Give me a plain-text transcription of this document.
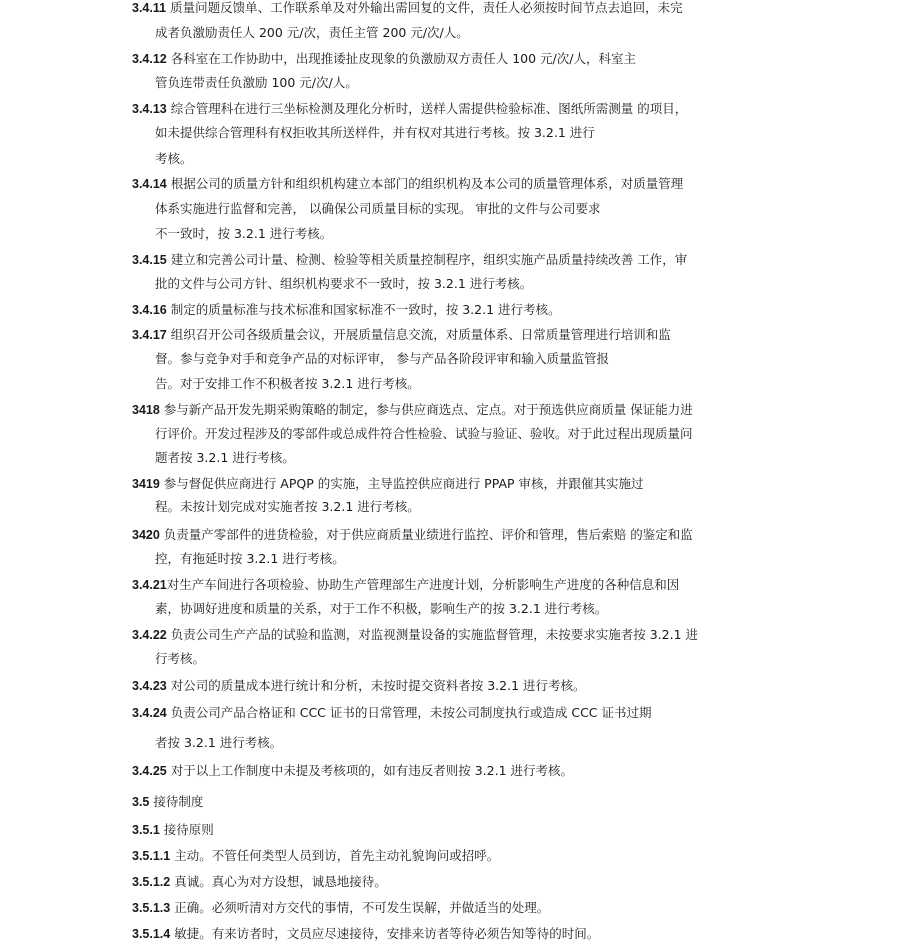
3.4.11 质量问题反馈单、工作联系单及对外输出需回复的文件，责任人必须按时间节点去追回，未完
成者负激励责任人 200 元/次，责任主管 200 元/次/人。
3.4.12 各科室在工作协助中，出现推诿扯皮现象的负激励双方责任人 100 元/次/人，科室主
管负连带责任负激励 100 元/次/人。
3.4.13 综合管理科在进行三坐标检测及理化分析时，送样人需提供检验标准、图纸所需测量 的项目，
如未提供综合管理科有权拒收其所送样件，并有权对其进行考核。按 3.2.1 进行
考核。
3.4.14 根据公司的质量方针和组织机构建立本部门的组织机构及本公司的质量管理体系，对质量管理
体系实施进行监督和完善， 以确保公司质量目标的实现。 审批的文件与公司要求
不一致时，按 3.2.1 进行考核。
3.4.15 建立和完善公司计量、检测、检验等相关质量控制程序，组织实施产品质量持续改善 工作，审
批的文件与公司方针、组织机构要求不一致时，按 3.2.1 进行考核。
3.4.16 制定的质量标准与技术标准和国家标准不一致时，按 3.2.1 进行考核。
3.4.17 组织召开公司各级质量会议，开展质量信息交流，对质量体系、日常质量管理进行培训和监
督。参与竞争对手和竞争产品的对标评审， 参与产品各阶段评审和输入质量监管报
告。对于安排工作不积极者按 3.2.1 进行考核。
3418 参与新产品开发先期采购策略的制定，参与供应商选点、定点。对于预选供应商质量 保证能力进
行评价。开发过程涉及的零部件或总成件符合性检验、试验与验证、验收。对于此过程出现质量问
题者按 3.2.1 进行考核。
3419 参与督促供应商进行 APQP 的实施，主导监控供应商进行 PPAP 审核，并跟催其实施过
程。未按计划完成对实施者按 3.2.1 进行考核。
3420 负责量产零部件的进货检验，对于供应商质量业绩进行监控、评价和管理，售后索赔 的鉴定和监
控，有拖延时按 3.2.1 进行考核。
3.4.21对生产车间进行各项检验、协助生产管理部生产进度计划，分析影响生产进度的各种信息和因
素，协调好进度和质量的关系，对于工作不积极，影响生产的按 3.2.1 进行考核。
3.4.22 负责公司生产产品的试验和监测，对监视测量设备的实施监督管理，未按要求实施者按 3.2.1 进
行考核。
3.4.23 对公司的质量成本进行统计和分析，未按时提交资料者按 3.2.1 进行考核。
3.4.24 负责公司产品合格证和 CCC 证书的日常管理，未按公司制度执行或造成 CCC 证书过期
者按 3.2.1 进行考核。
3.4.25 对于以上工作制度中未提及考核项的，如有违反者则按 3.2.1 进行考核。
3.5 接待制度
3.5.1 接待原则
3.5.1.1 主动。不管任何类型人员到访，首先主动礼貌询问或招呼。
3.5.1.2 真诚。真心为对方设想，诚恳地接待。
3.5.1.3 正确。必须听清对方交代的事情，不可发生误解，并做适当的处理。
3.5.1.4 敏捷。有来访者时，文员应尽速接待，安排来访者等待必须告知等待的时间。
